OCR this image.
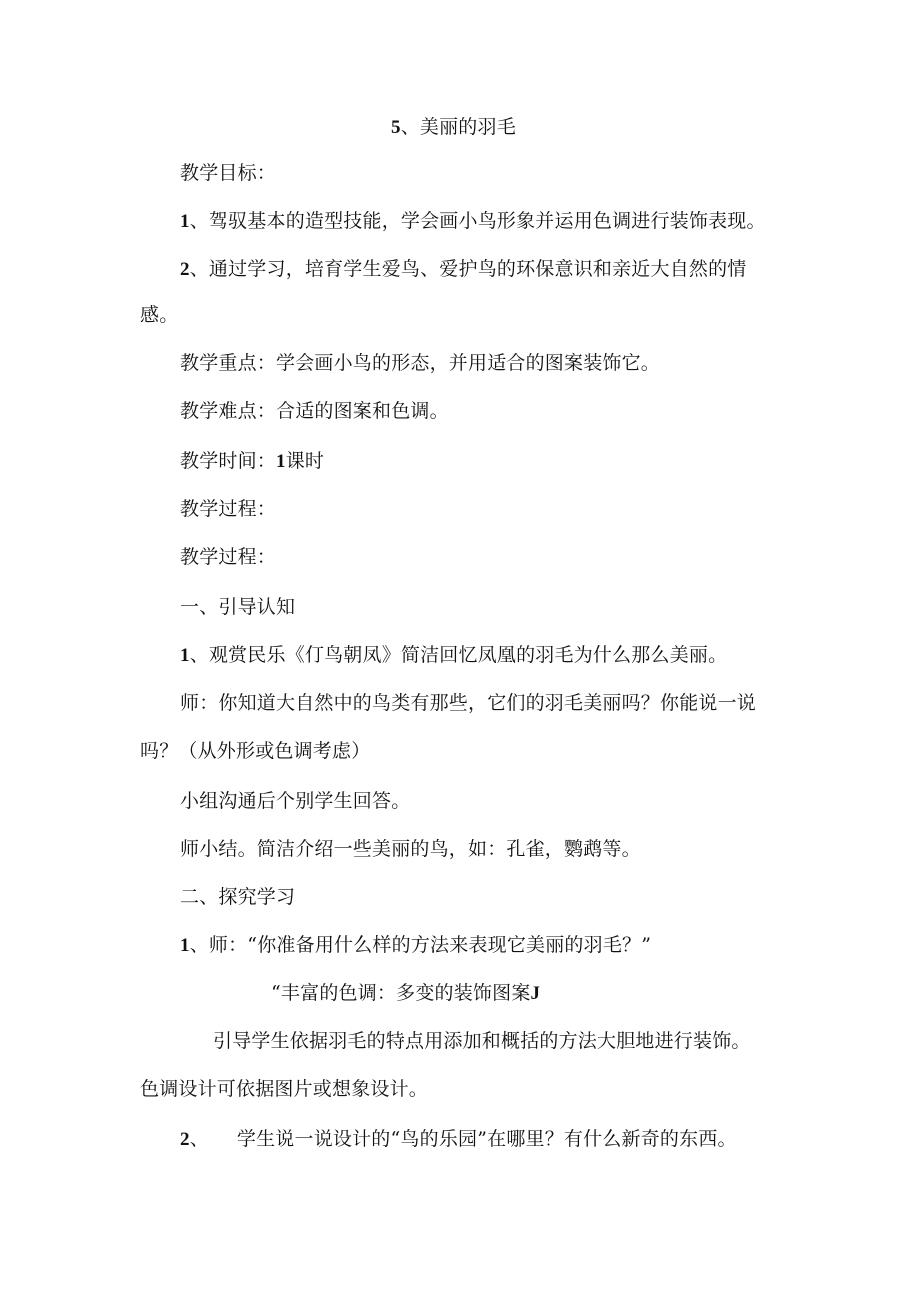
5、美丽的羽毛
教学目标：
1、驾驭基本的造型技能，学会画小鸟形象并运用色调进行装饰表现。
2、通过学习，培育学生爱鸟、爱护鸟的环保意识和亲近大自然的情
感。
教学重点：学会画小鸟的形态，并用适合的图案装饰它。
教学难点：合适的图案和色调。
教学时间：1课时
教学过程：
教学过程：
一、引导认知
1、观赏民乐《仃鸟朝凤》简洁回忆凤凰的羽毛为什么那么美丽。
师：你知道大自然中的鸟类有那些，它们的羽毛美丽吗？你能说一说
吗？（从外形或色调考虑）
小组沟通后个别学生回答。
师小结。简洁介绍一些美丽的鸟，如：孔雀，鹦鹉等。
二、探究学习
1、师：“你准备用什么样的方法来表现它美丽的羽毛？”
“丰富的色调：多变的装饰图案J
引导学生依据羽毛的特点用添加和概括的方法大胆地进行装饰。
色调设计可依据图片或想象设计。
2、 学生说一说设计的“鸟的乐园”在哪里？有什么新奇的东西。
